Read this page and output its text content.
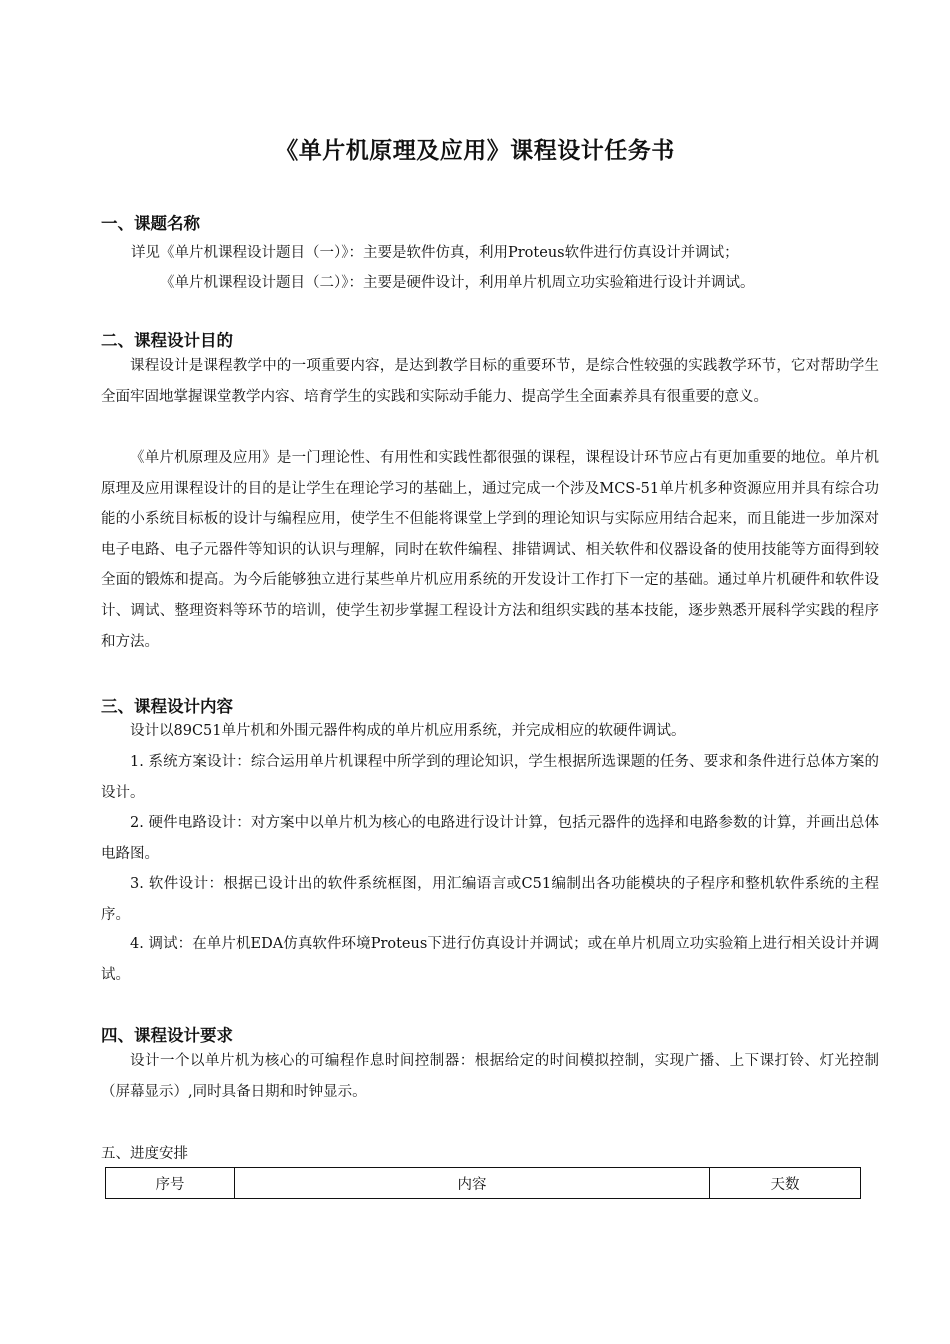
《单片机原理及应用》课程设计任务书
一、课题名称
详见《单片机课程设计题目（一）》：主要是软件仿真，利用Proteus软件进行仿真设计并调试；
《单片机课程设计题目（二）》：主要是硬件设计，利用单片机周立功实验箱进行设计并调试。
二、课程设计目的
课程设计是课程教学中的一项重要内容，是达到教学目标的重要环节，是综合性较强的实践教学环节，它对帮助学生全面牢固地掌握课堂教学内容、培育学生的实践和实际动手能力、提高学生全面素养具有很重要的意义。
《单片机原理及应用》是一门理论性、有用性和实践性都很强的课程，课程设计环节应占有更加重要的地位。单片机原理及应用课程设计的目的是让学生在理论学习的基础上，通过完成一个涉及MCS-51单片机多种资源应用并具有综合功能的小系统目标板的设计与编程应用，使学生不但能将课堂上学到的理论知识与实际应用结合起来，而且能进一步加深对电子电路、电子元器件等知识的认识与理解，同时在软件编程、排错调试、相关软件和仪器设备的使用技能等方面得到较全面的锻炼和提高。为今后能够独立进行某些单片机应用系统的开发设计工作打下一定的基础。通过单片机硬件和软件设计、调试、整理资料等环节的培训，使学生初步掌握工程设计方法和组织实践的基本技能，逐步熟悉开展科学实践的程序和方法。
三、课程设计内容
设计以89C51单片机和外围元器件构成的单片机应用系统，并完成相应的软硬件调试。
1. 系统方案设计：综合运用单片机课程中所学到的理论知识，学生根据所选课题的任务、要求和条件进行总体方案的设计。
2. 硬件电路设计：对方案中以单片机为核心的电路进行设计计算，包括元器件的选择和电路参数的计算，并画出总体电路图。
3. 软件设计：根据已设计出的软件系统框图，用汇编语言或C51编制出各功能模块的子程序和整机软件系统的主程序。
4. 调试：在单片机EDA仿真软件环境Proteus下进行仿真设计并调试；或在单片机周立功实验箱上进行相关设计并调试。
四、课程设计要求
设计一个以单片机为核心的可编程作息时间控制器：根据给定的时间模拟控制，实现广播、上下课打铃、灯光控制（屏幕显示）,同时具备日期和时钟显示。
五、进度安排
序号	内容	天数
